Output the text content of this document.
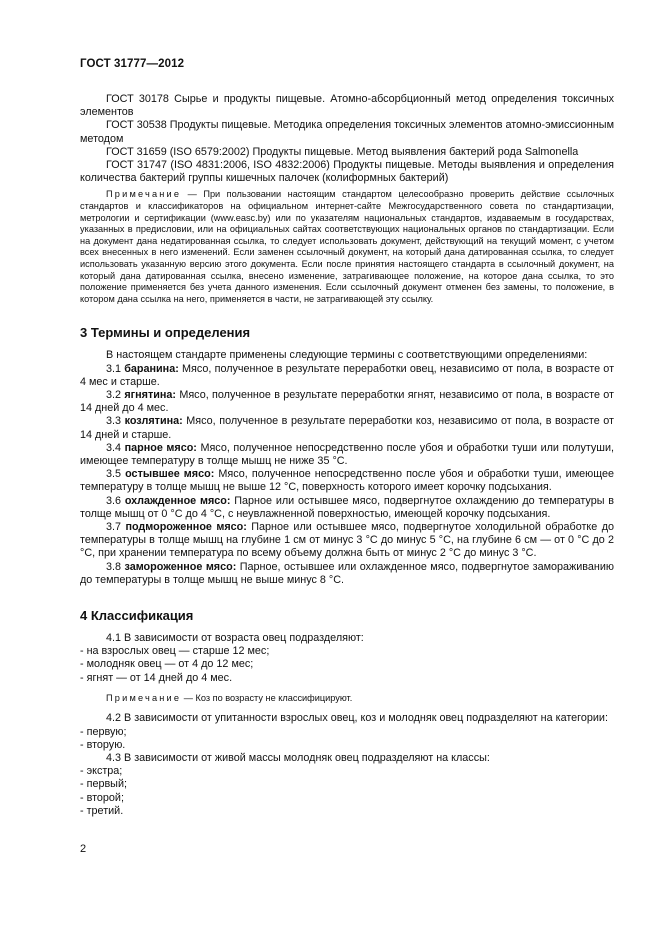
ГОСТ 31777—2012

ГОСТ 30178 Сырье и продукты пищевые. Атомно-абсорбционный метод определения токсичных элементов

ГОСТ 30538 Продукты пищевые. Методика определения токсичных элементов атомно-эмиссионным методом

ГОСТ 31659 (ISO 6579:2002) Продукты пищевые. Метод выявления бактерий рода Salmonella

ГОСТ 31747 (ISO 4831:2006, ISO 4832:2006) Продукты пищевые. Методы выявления и определения количества бактерий группы кишечных палочек (колиформных бактерий)

Примечание — При пользовании настоящим стандартом целесообразно проверить действие ссылочных стандартов и классификаторов на официальном интернет-сайте Межгосударственного совета по стандартизации, метрологии и сертификации (www.easc.by) или по указателям национальных стандартов, издаваемым в государствах, указанных в предисловии, или на официальных сайтах соответствующих национальных органов по стандартизации. Если на документ дана недатированная ссылка, то следует использовать документ, действующий на текущий момент, с учетом всех внесенных в него изменений. Если заменен ссылочный документ, на который дана датированная ссылка, то следует использовать указанную версию этого документа. Если после принятия настоящего стандарта в ссылочный документ, на который дана датированная ссылка, внесено изменение, затрагивающее положение, на которое дана ссылка, то это положение применяется без учета данного изменения. Если ссылочный документ отменен без замены, то положение, в котором дана ссылка на него, применяется в части, не затрагивающей эту ссылку.

3 Термины и определения

В настоящем стандарте применены следующие термины с соответствующими определениями:

3.1 баранина: Мясо, полученное в результате переработки овец, независимо от пола, в возрасте от 4 мес и старше.

3.2 ягнятина: Мясо, полученное в результате переработки ягнят, независимо от пола, в возрасте от 14 дней до 4 мес.

3.3 козлятина: Мясо, полученное в результате переработки коз, независимо от пола, в возрасте от 14 дней и старше.

3.4 парное мясо: Мясо, полученное непосредственно после убоя и обработки туши или полутуши, имеющее температуру в толще мышц не ниже 35 °С.

3.5 остывшее мясо: Мясо, полученное непосредственно после убоя и обработки туши, имеющее температуру в толще мышц не выше 12 °С, поверхность которого имеет корочку подсыхания.

3.6 охлажденное мясо: Парное или остывшее мясо, подвергнутое охлаждению до температуры в толще мышц от 0 °С до 4 °С, с неувлажненной поверхностью, имеющей корочку подсыхания.

3.7 подмороженное мясо: Парное или остывшее мясо, подвергнутое холодильной обработке до температуры в толще мышц на глубине 1 см от минус 3 °С до минус 5 °С, на глубине 6 см — от 0 °С до 2 °С, при хранении температура по всему объему должна быть от минус 2 °С до минус 3 °С.

3.8 замороженное мясо: Парное, остывшее или охлажденное мясо, подвергнутое замораживанию до температуры в толще мышц не выше минус 8 °С.

4 Классификация

4.1 В зависимости от возраста овец подразделяют:

- на взрослых овец — старше 12 мес;

- молодняк овец — от 4 до 12 мес;

- ягнят — от 14 дней до 4 мес.

Примечание — Коз по возрасту не классифицируют.

4.2 В зависимости от упитанности взрослых овец, коз и молодняк овец подразделяют на категории:

- первую;

- вторую.

4.3 В зависимости от живой массы молодняк овец подразделяют на классы:

- экстра;

- первый;

- второй;

- третий.

2
